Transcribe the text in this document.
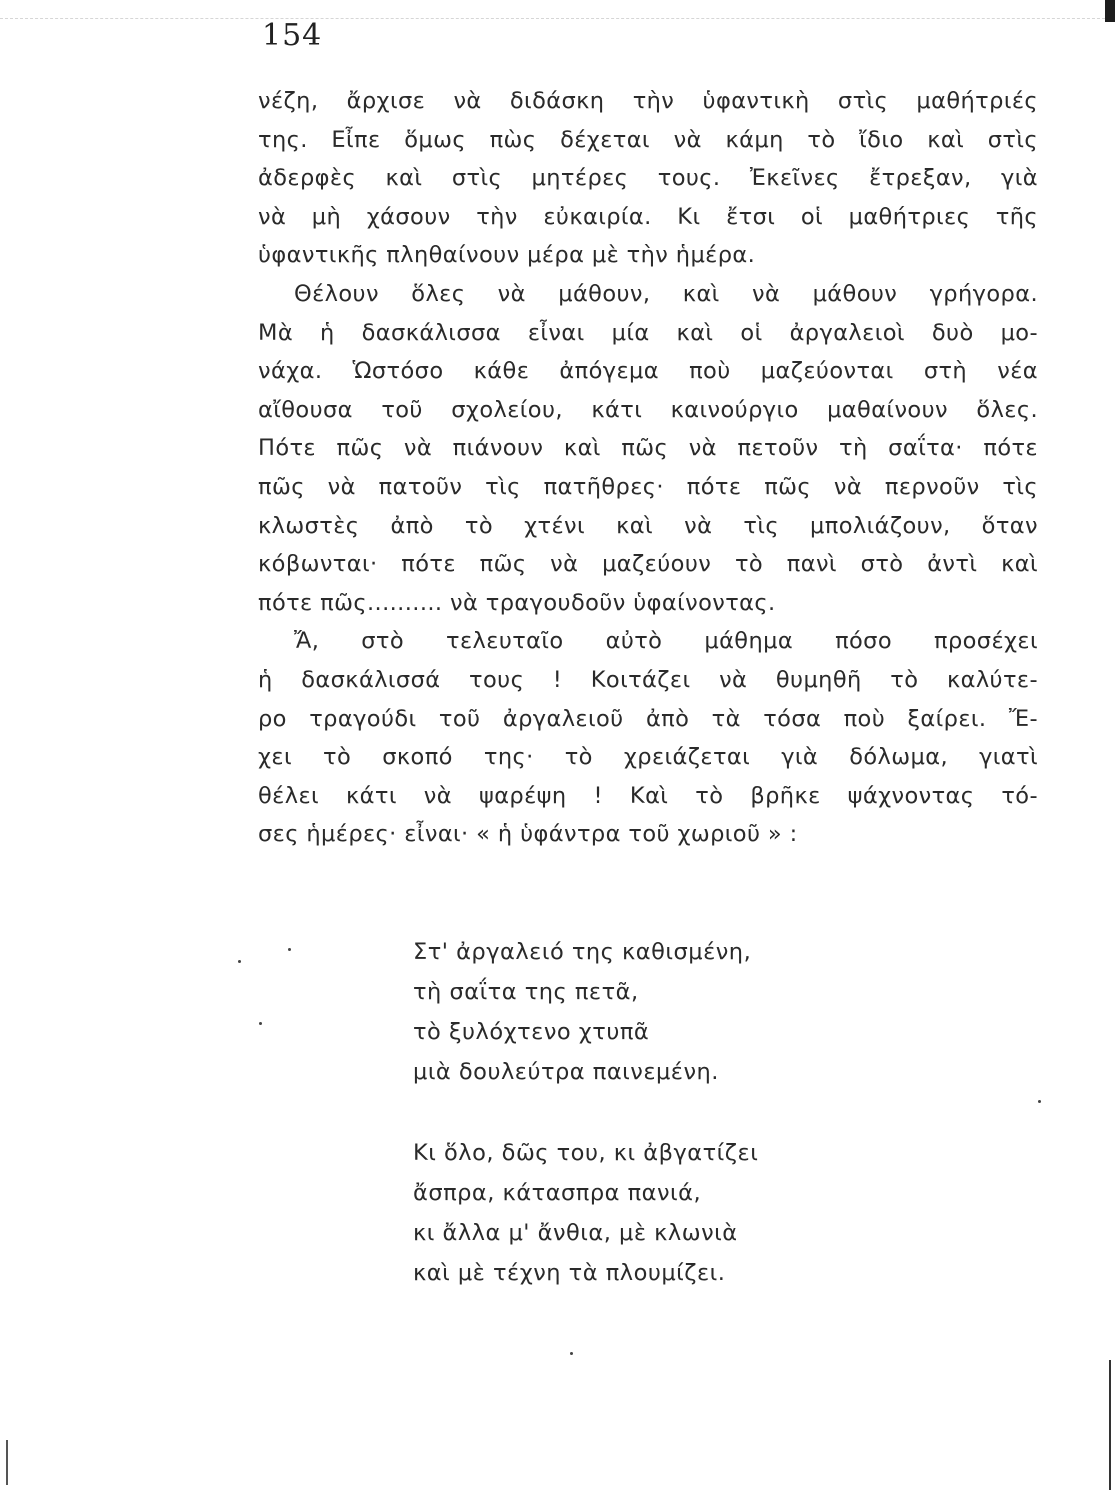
154
νέζη, ἄρχισε νὰ διδάσκη τὴν ὑφαντικὴ στὶς μαθήτριές
της. Εἶπε ὅμως πὼς δέχεται νὰ κάμη τὸ ἴδιο καὶ στὶς
ἀδερφὲς καὶ στὶς μητέρες τους. Ἐκεῖνες ἔτρεξαν, γιὰ
νὰ μὴ χάσουν τὴν εὐκαιρία. Κι ἔτσι οἱ μαθήτριες τῆς
ὑφαντικῆς πληθαίνουν μέρα μὲ τὴν ἡμέρα.
Θέλουν ὅλες νὰ μάθουν, καὶ νὰ μάθουν γρήγορα.
Μὰ ἡ δασκάλισσα εἶναι μία καὶ οἱ ἀργαλειοὶ δυὸ μο-
νάχα. Ὡστόσο κάθε ἀπόγεμα ποὺ μαζεύονται στὴ νέα
αἴθουσα τοῦ σχολείου, κάτι καινούργιο μαθαίνουν ὅλες.
Πότε πῶς νὰ πιάνουν καὶ πῶς νὰ πετοῦν τὴ σαΐτα· πότε
πῶς νὰ πατοῦν τὶς πατῆθρες· πότε πῶς νὰ περνοῦν τὶς
κλωστὲς ἀπὸ τὸ χτένι καὶ νὰ τὶς μπολιάζουν, ὅταν
κόβωνται· πότε πῶς νὰ μαζεύουν τὸ πανὶ στὸ ἀντὶ καὶ
πότε πῶς.......... νὰ τραγουδοῦν ὑφαίνοντας.
Ἄ, στὸ τελευταῖο αὐτὸ μάθημα πόσο προσέχει
ἡ δασκάλισσά τους ! Κοιτάζει νὰ θυμηθῆ τὸ καλύτε-
ρο τραγούδι τοῦ ἀργαλειοῦ ἀπὸ τὰ τόσα ποὺ ξαίρει. Ἔ-
χει τὸ σκοπό της· τὸ χρειάζεται γιὰ δόλωμα, γιατὶ
θέλει κάτι νὰ ψαρέψη ! Καὶ τὸ βρῆκε ψάχνοντας τό-
σες ἡμέρες· εἶναι· « ἡ ὑφάντρα τοῦ χωριοῦ » :
Στ' ἀργαλειό της καθισμένη,
τὴ σαΐτα της πετᾶ,
τὸ ξυλόχτενο χτυπᾶ
μιὰ δουλεύτρα παινεμένη.
Κι ὅλο, δῶς του, κι ἀβγατίζει
ἄσπρα, κάτασπρα πανιά,
κι ἄλλα μ' ἄνθια, μὲ κλωνιὰ
καὶ μὲ τέχνη τὰ πλουμίζει.
